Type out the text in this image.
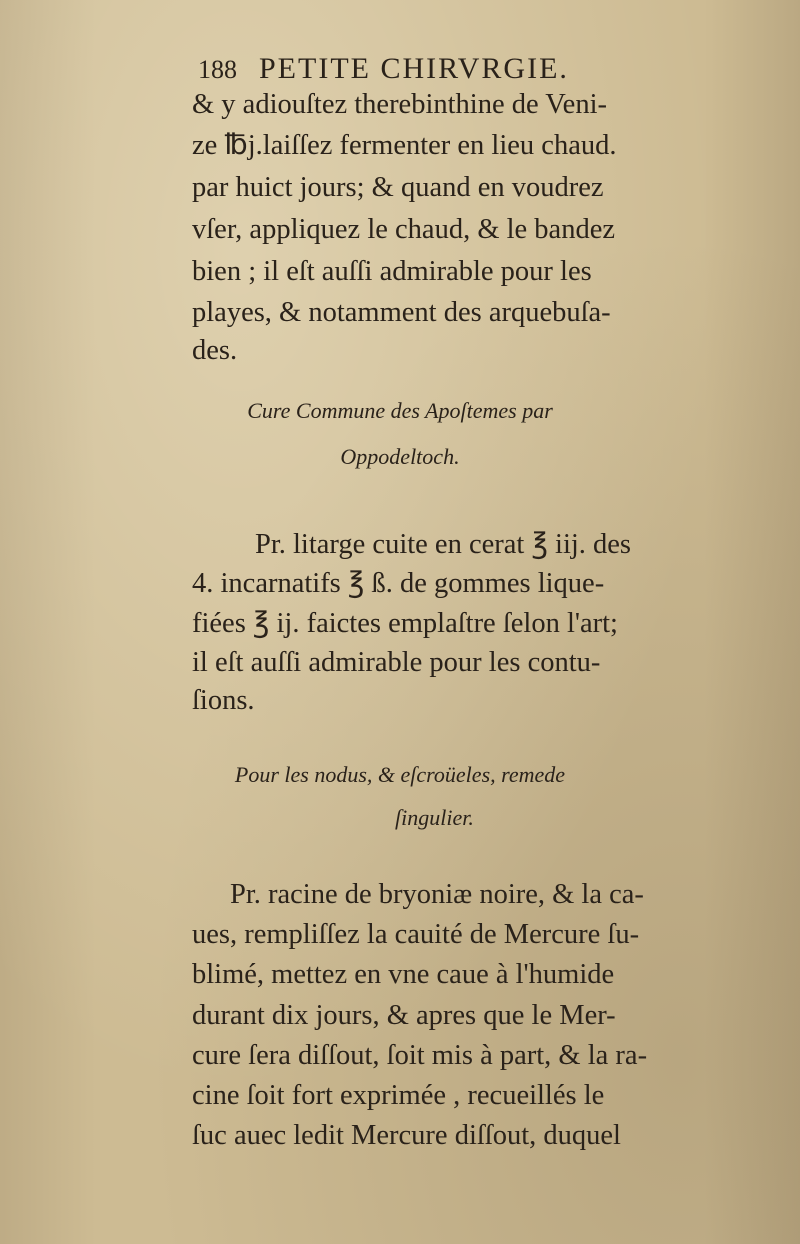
188 PETITE CHIRVRGIE.
& y adiouſtez therebinthine de Veni-
ze ℔j.laiſſez fermenter en lieu chaud.
par huict jours; & quand en voudrez
vſer, appliquez le chaud, & le bandez
bien ; il eſt auſſi admirable pour les
playes, & notamment des arquebuſa-
des.
Cure Commune des Apoſtemes par
Oppodeltoch.
Pr. litarge cuite en cerat ℥ iij. des
4. incarnatifs ℥ ß. de gommes lique-
fiées ℥ ij. faictes emplaſtre ſelon l'art;
il eſt auſſi admirable pour les contu-
ſions.
Pour les nodus, & eſcroüeles, remede
ſingulier.
Pr. racine de bryoniæ noire, & la ca-
ues, rempliſſez la cauité de Mercure ſu-
blimé, mettez en vne caue à l'humide
durant dix jours, & apres que le Mer-
cure ſera diſſout, ſoit mis à part, & la ra-
cine ſoit fort exprimée , recueillés le
ſuc auec ledit Mercure diſſout, duquel
